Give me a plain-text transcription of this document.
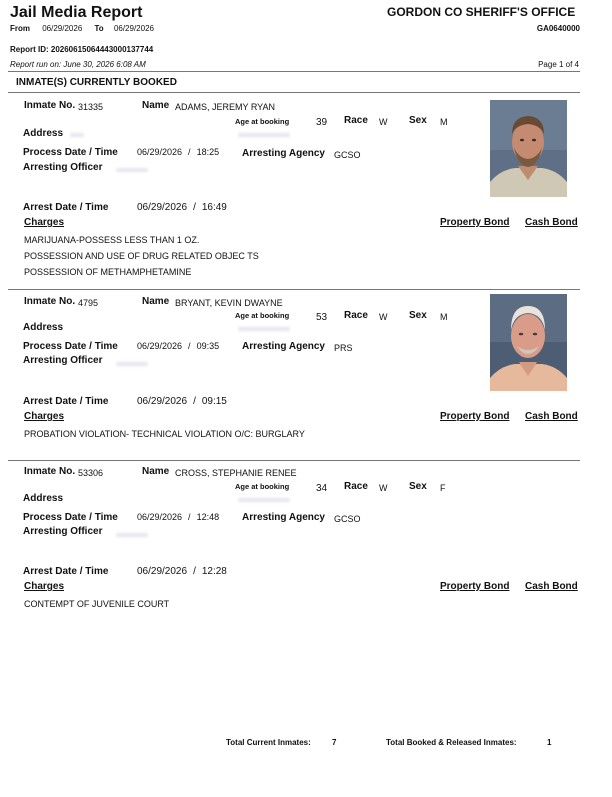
Jail Media Report
From 06/29/2026 To 06/29/2026
GORDON CO SHERIFF'S OFFICE
GA0640000
Report ID: 20260615064443000137744
Report run on: June 30, 2026 6:08 AM	Page 1 of 4
INMATE(S) CURRENTLY BOOKED
Inmate No. 31335	Name ADAMS, JEREMY RYAN
Age at booking	39 Race W Sex M
Address
Process Date / Time 06/29/2026 / 18:25 Arresting Agency GCSO
Arresting Officer
Arrest Date / Time	06/29/2026 / 16:49
Charges	Property Bond Cash Bond
MARIJUANA-POSSESS LESS THAN 1 OZ.
POSSESSION AND USE OF DRUG RELATED OBJEC TS
POSSESSION OF METHAMPHETAMINE
Inmate No. 4795	Name BRYANT, KEVIN DWAYNE
Age at booking	53 Race W Sex M
Address
Process Date / Time 06/29/2026 / 09:35 Arresting Agency PRS
Arresting Officer
Arrest Date / Time	06/29/2026 / 09:15
Charges	Property Bond Cash Bond
PROBATION VIOLATION- TECHNICAL VIOLATION O/C: BURGLARY
Inmate No. 53306	Name CROSS, STEPHANIE RENEE
Age at booking	34 Race W Sex F
Address
Process Date / Time 06/29/2026 / 12:48 Arresting Agency GCSO
Arresting Officer
Arrest Date / Time	06/29/2026 / 12:28
Charges	Property Bond Cash Bond
CONTEMPT OF JUVENILE COURT
Total Current Inmates:	7	Total Booked & Released Inmates:	1
